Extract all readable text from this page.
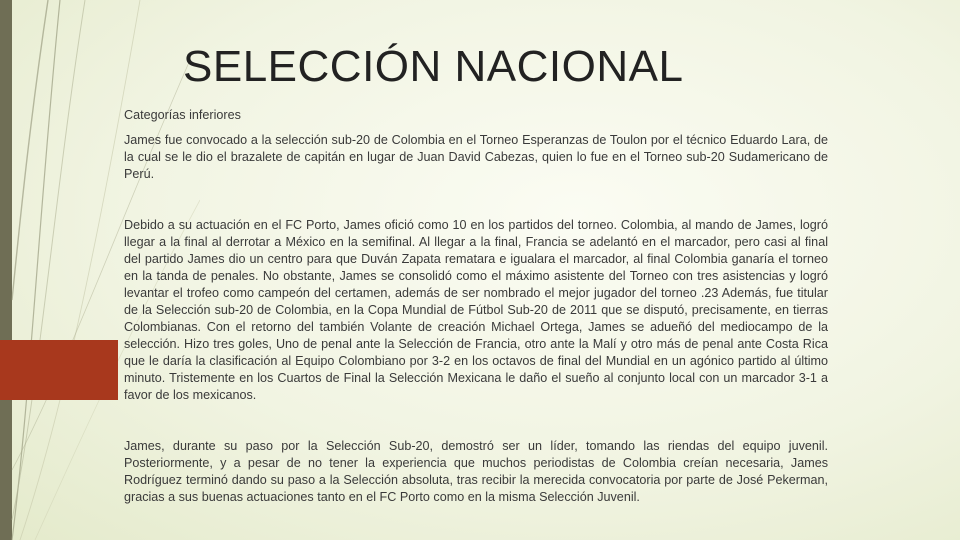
SELECCIÓN NACIONAL

Categorías inferiores

James fue convocado a la selección sub-20 de Colombia en el Torneo Esperanzas de Toulon por el técnico Eduardo Lara, de la cual se le dio el brazalete de capitán en lugar de Juan David Cabezas, quien lo fue en el Torneo sub-20 Sudamericano de Perú.

Debido a su actuación en el FC Porto, James ofició como 10 en los partidos del torneo. Colombia, al mando de James, logró llegar a la final al derrotar a México en la semifinal. Al llegar a la final, Francia se adelantó en el marcador, pero casi al final del partido James dio un centro para que Duván Zapata rematara e igualara el marcador, al final Colombia ganaría el torneo en la tanda de penales. No obstante, James se consolidó como el máximo asistente del Torneo con tres asistencias y logró levantar el trofeo como campeón del certamen, además de ser nombrado el mejor jugador del torneo .23 Además, fue titular de la Selección sub-20 de Colombia, en la Copa Mundial de Fútbol Sub-20 de 2011 que se disputó, precisamente, en tierras Colombianas. Con el retorno del también Volante de creación Michael Ortega, James se adueñó del mediocampo de la selección. Hizo tres goles, Uno de penal ante la Selección de Francia, otro ante la Malí y otro más de penal ante Costa Rica que le daría la clasificación al Equipo Colombiano por 3-2 en los octavos de final del Mundial en un agónico partido al último minuto. Tristemente en los Cuartos de Final la Selección Mexicana le daño el sueño al conjunto local con un marcador 3-1 a favor de los mexicanos.

James, durante su paso por la Selección Sub-20, demostró ser un líder, tomando las riendas del equipo juvenil. Posteriormente, y a pesar de no tener la experiencia que muchos periodistas de Colombia creían necesaria, James Rodríguez terminó dando su paso a la Selección absoluta, tras recibir la merecida convocatoria por parte de José Pekerman, gracias a sus buenas actuaciones tanto en el FC Porto como en la misma Selección Juvenil.
